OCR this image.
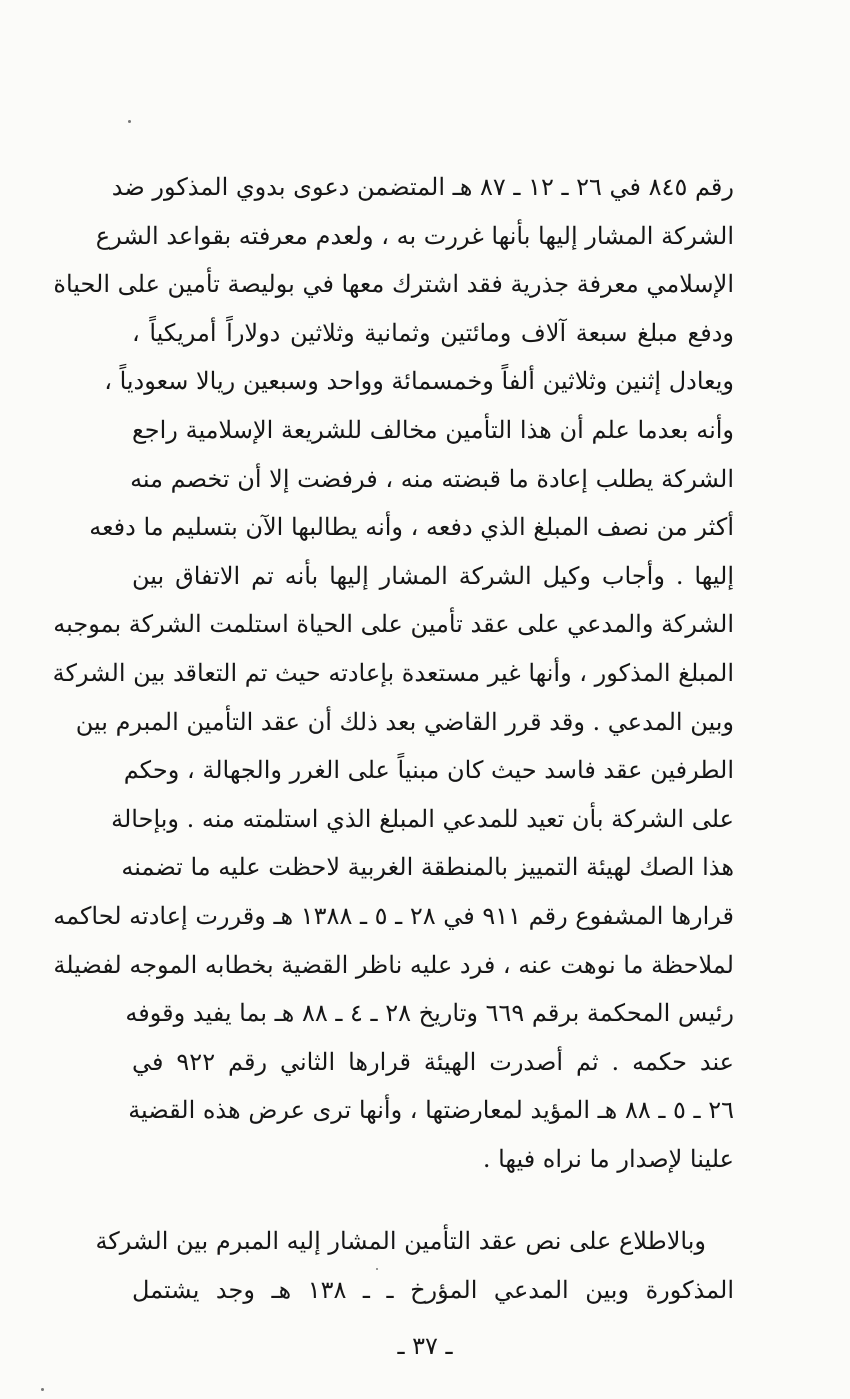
رقم ٨٤٥ في ٢٦ ـ ١٢ ـ ٨٧ هـ المتضمن دعوى بدوي المذكور ضد
الشركة المشار إليها بأنها غررت به ، ولعدم معرفته بقواعد الشرع
الإسلامي معرفة جذرية فقد اشترك معها في بوليصة تأمين على الحياة
ودفع مبلغ سبعة آلاف ومائتين وثمانية وثلاثين دولاراً أمريكياً ،
ويعادل إثنين وثلاثين ألفاً وخمسمائة وواحد وسبعين ريالا سعودياً ،
وأنه بعدما علم أن هذا التأمين مخالف للشريعة الإسلامية راجع
الشركة يطلب إعادة ما قبضته منه ، فرفضت إلا أن تخصم منه
أكثر من نصف المبلغ الذي دفعه ، وأنه يطالبها الآن بتسليم ما دفعه
إليها . وأجاب وكيل الشركة المشار إليها بأنه تم الاتفاق بين
الشركة والمدعي على عقد تأمين على الحياة استلمت الشركة بموجبه
المبلغ المذكور ، وأنها غير مستعدة بإعادته حيث تم التعاقد بين الشركة
وبين المدعي . وقد قرر القاضي بعد ذلك أن عقد التأمين المبرم بين
الطرفين عقد فاسد حيث كان مبنياً على الغرر والجهالة ، وحكم
على الشركة بأن تعيد للمدعي المبلغ الذي استلمته منه . وبإحالة
هذا الصك لهيئة التمييز بالمنطقة الغربية لاحظت عليه ما تضمنه
قرارها المشفوع رقم ٩١١ في ٢٨ ـ ٥ ـ ١٣٨٨ هـ وقررت إعادته لحاكمه
لملاحظة ما نوهت عنه ، فرد عليه ناظر القضية بخطابه الموجه لفضيلة
رئيس المحكمة برقم ٦٦٩ وتاريخ ٢٨ ـ ٤ ـ ٨٨ هـ بما يفيد وقوفه
عند حكمه . ثم أصدرت الهيئة قرارها الثاني رقم ٩٢٢ في
٢٦ ـ ٥ ـ ٨٨ هـ المؤيد لمعارضتها ، وأنها ترى عرض هذه القضية
علينا لإصدار ما نراه فيها .
وبالاطلاع على نص عقد التأمين المشار إليه المبرم بين الشركة
المذكورة وبين المدعي المؤرخ ـ ـ ١٣٨ هـ وجد يشتمل
ـ ٣٧ ـ
